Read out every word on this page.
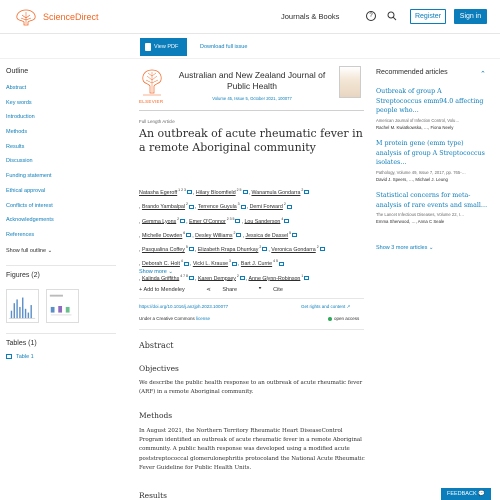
ScienceDirect	Journals & Books	?	Register	Sign in
View PDF	Download full issue
Outline
Abstract
Key words
Introduction
Methods
Results
Discussion
Funding statement
Ethical approval
Conflicts of interest
Acknowledgements
References
Show full outline ⌄
Figures (2)
Tables (1)
Table 1
ELSEVIER
Australian and New Zealand Journal of Public Health
Volume 45, Issue 5, October 2021, 100077
Full Length Article
An outbreak of acute rheumatic fever in a remote Aboriginal community
Natasha Egeroff $^{1 2 3}$ , Hilary Bloomfield $^{2 5}$ , Wanamula Gondarra $^2$
, Brando Yambalpal $^2$ , Terrence Guyula $^3$ , Demi Forward $^2$
, Gemma Lyons $^2$ , Emer O'Connor $^{2 3 5}$ , Lou Sanderson $^4$
, Michelle Dowden $^6$ , Desley Williams $^2$ , Jessica de Dassel $^5$
, Pasqualina Coffey $^5$ , Elizabeth Rrapa Dhurrkay $^2$ , Veronica Gondarra $^2$
, Deborah C. Holt $^4$ , Vicki L. Krause $^3$ , Bart J. Currie $^{4 5}$
, Kalinda Griffiths $^{4 7 8}$ , Karen Dempsey $^2$ , Anne Glynn-Robinson $^1$
Show more ⌄
+ Add to Mendeley	⋖ Share	❞ Cite
https://doi.org/10.1016/j.anzjph.2023.100077	Get rights and content ↗
Under a Creative Commons license	open access
Abstract
Objectives
We describe the public health response to an outbreak of acute rheumatic fever (ARF) in a remote Aboriginal community.
Methods
In August 2021, the Northern Territory Rheumatic Heart DiseaseControl Program identified an outbreak of acute rheumatic fever in a remote Aboriginal community. A public health response was developed using a modified acute poststreptococcal glomerulonephritis protocoland the National Acute Rheumatic Fever Guideline for Public Health Units.
Results
Recommended articles	⌃
Outbreak of group A Streptococcus emm94.0 affecting people who…
American Journal of Infection Control, Volu…
Rachel M. Kwiatkowska, …, Fiona Neely
M protein gene (emm type) analysis of group A Streptococcus isolates…
Pathology, Volume 49, Issue 7, 2017, pp. 765-…
David J. Speers, …, Michael J. Leung
Statistical concerns for meta-analysis of rare events and small…
The Lancet Infectious Diseases, Volume 22, I…
Emma Sherwood, …, Anna C Seale
Show 3 more articles ⌄
FEEDBACK 💬
